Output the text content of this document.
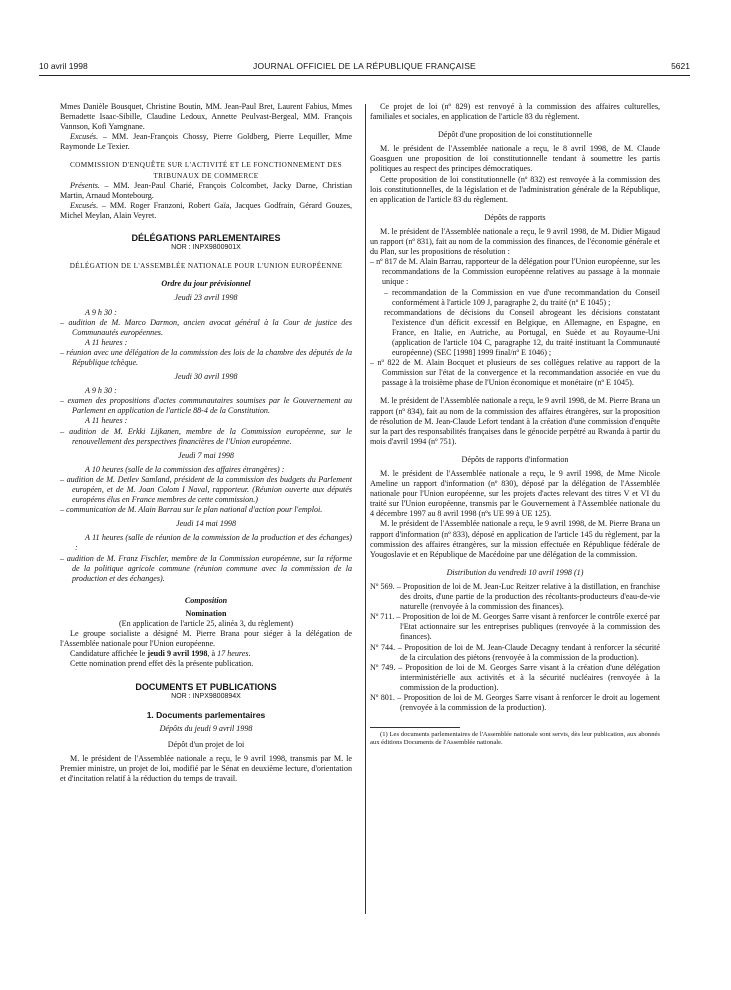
10 avril 1998	JOURNAL OFFICIEL DE LA RÉPUBLIQUE FRANÇAISE	5621

Mmes Danièle Bousquet, Christine Boutin, MM. Jean-Paul Bret, Laurent Fabius, Mmes Bernadette Isaac-Sibille, Claudine Ledoux, Annette Peulvast-Bergeal, MM. François Vannson, Kofi Yamgnane.

Excusés. – MM. Jean-François Chossy, Pierre Goldberg, Pierre Lequiller, Mme Raymonde Le Texier.

COMMISSION D'ENQUÊTE SUR L'ACTIVITÉ ET LE FONCTIONNEMENT DES TRIBUNAUX DE COMMERCE

Présents. – MM. Jean-Paul Charié, François Colcombet, Jacky Darne, Christian Martin, Arnaud Montebourg.

Excusés. – MM. Roger Franzoni, Robert Gaïa, Jacques Godfrain, Gérard Gouzes, Michel Meylan, Alain Veyret.

DÉLÉGATIONS PARLEMENTAIRES

NOR : INPX9800901X

DÉLÉGATION DE L'ASSEMBLÉE NATIONALE POUR L'UNION EUROPÉENNE

Ordre du jour prévisionnel

Jeudi 23 avril 1998

A 9 h 30 :

– audition de M. Marco Darmon, ancien avocat général à la Cour de justice des Communautés européennes.

A 11 heures :

– réunion avec une délégation de la commission des lois de la chambre des députés de la République tchèque.

Jeudi 30 avril 1998

A 9 h 30 :

– examen des propositions d'actes communautaires soumises par le Gouvernement au Parlement en application de l'article 88-4 de la Constitution.

A 11 heures :

– audition de M. Erkki Lijkanen, membre de la Commission européenne, sur le renouvellement des perspectives financières de l'Union européenne.

Jeudi 7 mai 1998

A 10 heures (salle de la commission des affaires étrangères) :

– audition de M. Detlev Samland, président de la commission des budgets du Parlement européen, et de M. Joan Colom I Naval, rapporteur. (Réunion ouverte aux députés européens élus en France membres de cette commission.)

– communication de M. Alain Barrau sur le plan national d'action pour l'emploi.

Jeudi 14 mai 1998

A 11 heures (salle de réunion de la commission de la production et des échanges) :

– audition de M. Franz Fischler, membre de la Commission européenne, sur la réforme de la politique agricole commune (réunion commune avec la commission de la production et des échanges).

Composition

Nomination

(En application de l'article 25, alinéa 3, du règlement)

Le groupe socialiste a désigné M. Pierre Brana pour siéger à la délégation de l'Assemblée nationale pour l'Union européenne.

Candidature affichée le jeudi 9 avril 1998, à 17 heures.

Cette nomination prend effet dès la présente publication.

DOCUMENTS ET PUBLICATIONS

NOR : INPX9800894X

1. Documents parlementaires

Dépôts du jeudi 9 avril 1998

Dépôt d'un projet de loi

M. le président de l'Assemblée nationale a reçu, le 9 avril 1998, transmis par M. le Premier ministre, un projet de loi, modifié par le Sénat en deuxième lecture, d'orientation et d'incitation relatif à la réduction du temps de travail.

Ce projet de loi (nº 829) est renvoyé à la commission des affaires culturelles, familiales et sociales, en application de l'article 83 du règlement.

Dépôt d'une proposition de loi constitutionnelle

M. le président de l'Assemblée nationale a reçu, le 8 avril 1998, de M. Claude Goasguen une proposition de loi constitutionnelle tendant à soumettre les partis politiques au respect des principes démocratiques.

Cette proposition de loi constitutionnelle (nº 832) est renvoyée à la commission des lois constitutionnelles, de la législation et de l'administration générale de la République, en application de l'article 83 du règlement.

Dépôts de rapports

M. le président de l'Assemblée nationale a reçu, le 9 avril 1998, de M. Didier Migaud un rapport (nº 831), fait au nom de la commission des finances, de l'économie générale et du Plan, sur les propositions de résolution :

– nº 817 de M. Alain Barrau, rapporteur de la délégation pour l'Union européenne, sur les recommandations de la Commission européenne relatives au passage à la monnaie unique :

– recommandation de la Commission en vue d'une recommandation du Conseil conformément à l'article 109 J, paragraphe 2, du traité (nº E 1045) ;

recommandations de décisions du Conseil abrogeant les décisions constatant l'existence d'un déficit excessif en Belgique, en Allemagne, en Espagne, en France, en Italie, en Autriche, au Portugal, en Suède et au Royaume-Uni (application de l'article 104 C, paragraphe 12, du traité instituant la Communauté européenne) (SEC [1998] 1999 final/nº E 1046) ;

– nº 822 de M. Alain Bocquet et plusieurs de ses collègues relative au rapport de la Commission sur l'état de la convergence et la recommandation associée en vue du passage à la troisième phase de l'Union économique et monétaire (nº E 1045).

M. le président de l'Assemblée nationale a reçu, le 9 avril 1998, de M. Pierre Brana un rapport (nº 834), fait au nom de la commission des affaires étrangères, sur la proposition de résolution de M. Jean-Claude Lefort tendant à la création d'une commission d'enquête sur la part des responsabilités françaises dans le génocide perpétré au Rwanda à partir du mois d'avril 1994 (nº 751).

Dépôts de rapports d'information

M. le président de l'Assemblée nationale a reçu, le 9 avril 1998, de Mme Nicole Ameline un rapport d'information (nº 830), déposé par la délégation de l'Assemblée nationale pour l'Union européenne, sur les projets d'actes relevant des titres V et VI du traité sur l'Union européenne, transmis par le Gouvernement à l'Assemblée nationale du 4 décembre 1997 au 8 avril 1998 (nºs UE 99 à UE 125).

M. le président de l'Assemblée nationale a reçu, le 9 avril 1998, de M. Pierre Brana un rapport d'information (nº 833), déposé en application de l'article 145 du règlement, par la commission des affaires étrangères, sur la mission effectuée en République fédérale de Yougoslavie et en République de Macédoine par une délégation de la commission.

Distribution du vendredi 10 avril 1998 (1)

Nº 569. – Proposition de loi de M. Jean-Luc Reitzer relative à la distillation, en franchise des droits, d'une partie de la production des récoltants-producteurs d'eau-de-vie naturelle (renvoyée à la commission des finances).

Nº 711. – Proposition de loi de M. Georges Sarre visant à renforcer le contrôle exercé par l'Etat actionnaire sur les entreprises publiques (renvoyée à la commission des finances).

Nº 744. – Proposition de loi de M. Jean-Claude Decagny tendant à renforcer la sécurité de la circulation des piétons (renvoyée à la commission de la production).

Nº 749. – Proposition de loi de M. Georges Sarre visant à la création d'une délégation interministérielle aux activités et à la sécurité nucléaires (renvoyée à la commission de la production).

Nº 801. – Proposition de loi de M. Georges Sarre visant à renforcer le droit au logement (renvoyée à la commission de la production).

(1) Les documents parlementaires de l'Assemblée nationale sont servis, dès leur publication, aux abonnés aux éditions Documents de l'Assemblée nationale.
